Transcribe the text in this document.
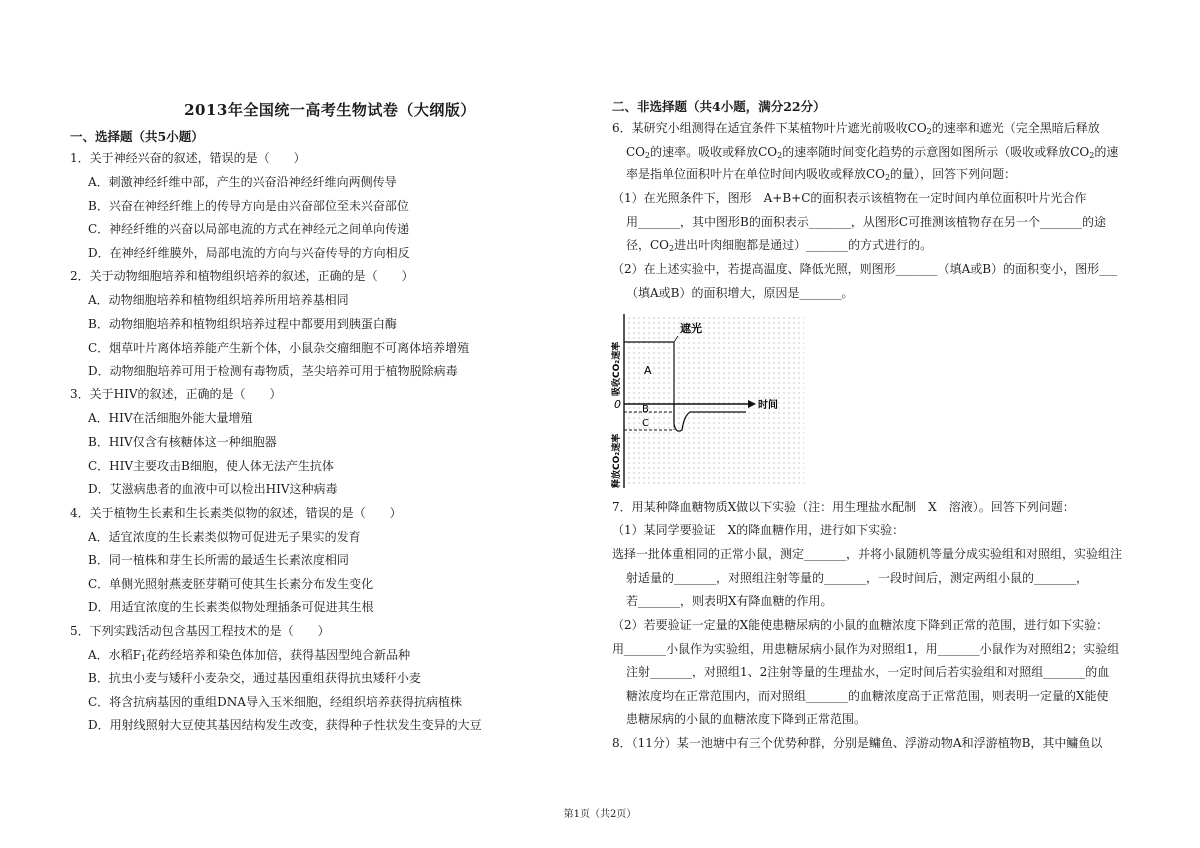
2013年全国统一高考生物试卷（大纲版）
一、选择题（共5小题）
1．关于神经兴奋的叙述，错误的是（　　）
A．刺激神经纤维中部，产生的兴奋沿神经纤维向两侧传导
B．兴奋在神经纤维上的传导方向是由兴奋部位至未兴奋部位
C．神经纤维的兴奋以局部电流的方式在神经元之间单向传递
D．在神经纤维膜外，局部电流的方向与兴奋传导的方向相反
2．关于动物细胞培养和植物组织培养的叙述，正确的是（　　）
A．动物细胞培养和植物组织培养所用培养基相同
B．动物细胞培养和植物组织培养过程中都要用到胰蛋白酶
C．烟草叶片离体培养能产生新个体，小鼠杂交瘤细胞不可离体培养增殖
D．动物细胞培养可用于检测有毒物质，茎尖培养可用于植物脱除病毒
3．关于HIV的叙述，正确的是（　　）
A．HIV在活细胞外能大量增殖
B．HIV仅含有核糖体这一种细胞器
C．HIV主要攻击B细胞，使人体无法产生抗体
D．艾滋病患者的血液中可以检出HIV这种病毒
4．关于植物生长素和生长素类似物的叙述，错误的是（　　）
A．适宜浓度的生长素类似物可促进无子果实的发育
B．同一植株和芽生长所需的最适生长素浓度相同
C．单侧光照射燕麦胚芽鞘可使其生长素分布发生变化
D．用适宜浓度的生长素类似物处理插条可促进其生根
5．下列实践活动包含基因工程技术的是（　　）
A．水稻$F_1$花药经培养和染色体加倍，获得基因型纯合新品种
B．抗虫小麦与矮秆小麦杂交，通过基因重组获得抗虫矮秆小麦
C．将含抗病基因的重组DNA导入玉米细胞，经组织培养获得抗病植株
D．用射线照射大豆使其基因结构发生改变，获得种子性状发生变异的大豆
二、非选择题（共4小题，满分22分）
6．某研究小组测得在适宜条件下某植物叶片遮光前吸收$CO_2$的速率和遮光（完全黑暗后释放
$CO_2$的速率。吸收或释放$CO_2$的速率随时间变化趋势的示意图如图所示（吸收或释放$CO_2$的速
率是指单位面积叶片在单位时间内吸收或释放$CO_2$的量），回答下列问题：
（1）在光照条件下，图形　A+B+C的面积表示该植物在一定时间内单位面积叶片光合作
用_______，其中图形B的面积表示_______，从图形C可推测该植物存在另一个_______的途
径，$CO_2$进出叶肉细胞都是通过）_______的方式进行的。
（2）在上述实验中，若提高温度、降低光照，则图形_______（填A或B）的面积变小，图形___
（填A或B）的面积增大，原因是_______。
遮光
A
B
C
0	时间
吸收CO₂速率
释放CO₂速率
7．用某种降血糖物质X做以下实验（注：用生理盐水配制　X　溶液）。回答下列问题：
（1）某同学要验证　X的降血糖作用，进行如下实验：
选择一批体重相同的正常小鼠，测定_______，并将小鼠随机等量分成实验组和对照组，实验组注
射适量的_______，对照组注射等量的_______，一段时间后，测定两组小鼠的_______，
若_______，则表明X有降血糖的作用。
（2）若要验证一定量的X能使患糖尿病的小鼠的血糖浓度下降到正常的范围，进行如下实验：
用_______小鼠作为实验组，用患糖尿病小鼠作为对照组1，用_______小鼠作为对照组2；实验组
注射_______，对照组1、2注射等量的生理盐水，一定时间后若实验组和对照组_______的血
糖浓度均在正常范围内，而对照组_______的血糖浓度高于正常范围，则表明一定量的X能使
患糖尿病的小鼠的血糖浓度下降到正常范围。
8．（11分）某一池塘中有三个优势种群，分别是鳙鱼、浮游动物A和浮游植物B，其中鳙鱼以
第1页（共2页）
